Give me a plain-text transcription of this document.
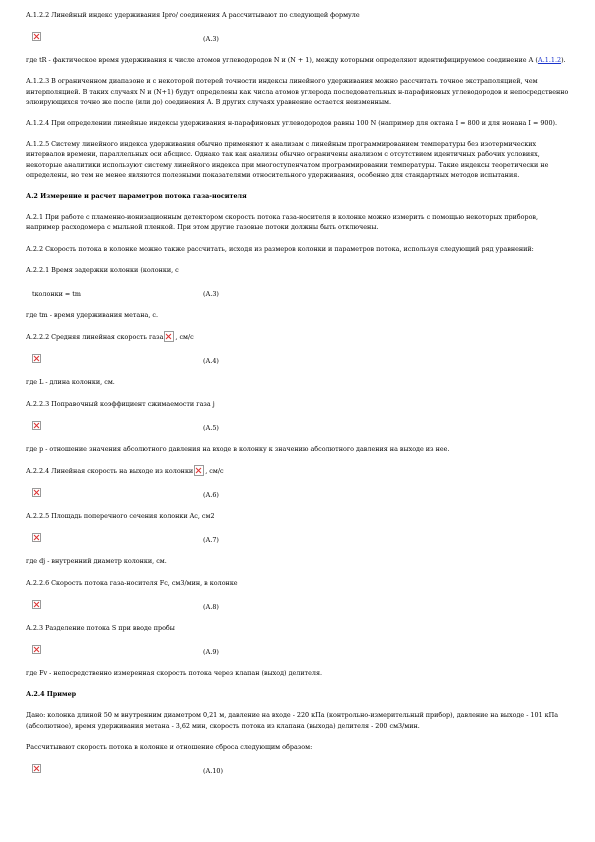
А.1.2.2 Линейный индекс удерживания Ipro/ соединения A рассчитывают по следующей формуле

(А.3)

где tR - фактическое время удерживания к числе атомов углеводородов N и (N + 1), между которыми определяют идентифицируемое соединение А (А.1.1.2).

А.1.2.3 В ограниченном диапазоне и с некоторой потерей точности индексы линейного удерживания можно рассчитать точное экстраполяцией, чем интерполяцией. В таких случаях N и (N+1) будут определены как числа атомов углерода последовательных н-парафиновых углеводородов и непосредственно элюирующихся точно же после (или до) соединения А. В других случаях уравнение остается неизменным.

А.1.2.4 При определении линейные индексы удерживания н-парафиновых углеводородов равны 100 N (например для октана I = 800 и для нонана I = 900).

А.1.2.5 Систему линейного индекса удерживания обычно применяют к анализам с линейным программированием температуры без изотермических интервалов времени, параллельных оси абсцисс. Однако так как анализы обычно ограничены анализом с отсутствием идентичных рабочих условиях, некоторые аналитики используют систему линейного индекса при многоступенчатом программировании температуры. Такие индексы теоретически не определены, но тем не менее являются полезными показателями относительного удерживания, особенно для стандартных методов испытания.

А.2 Измерение и расчет параметров потока газа-носителя

А.2.1 При работе с пламенно-ионизационным детектором скорость потока газа-носителя в колонке можно измерить с помощью некоторых приборов, например расходомера с мыльной пленкой. При этом другие газовые потоки должны быть отключены.

А.2.2 Скорость потока в колонке можно также рассчитать, исходя из размеров колонки и параметров потока, используя следующий ряд уравнений:

А.2.2.1 Время задержки колонки (колонки, с

tколонки = tm	(А.3)

где tm - время удерживания метана, с.

А.2.2.2 Средняя линейная скорость газа , см/с

(А.4)

где L - длина колонки, см.

А.2.2.3 Поправочный коэффициент сжимаемости газа j

(А.5)

где p - отношение значения абсолютного давления на входе в колонку к значению абсолютного давления на выходе из нее.

А.2.2.4 Линейная скорость на выходе из колонки , см/с

(А.6)

А.2.2.5 Площадь поперечного сечения колонки Ac, см2

(А.7)

где dj - внутренний диаметр колонки, см.

А.2.2.6 Скорость потока газа-носителя Fc, см3/мин, в колонке

(А.8)

А.2.3 Разделение потока S при вводе пробы

(А.9)

где Fv - непосредственно измеренная скорость потока через клапан (выход) делителя.

А.2.4 Пример

Дано: колонка длиной 50 м внутренним диаметром 0,21 м, давление на входе - 220 кПа (контрольно-измерительный прибор), давление на выходе - 101 кПа (абсолютное), время удерживания метана - 3,62 мин, скорость потока из клапана (выхода) делителя - 200 см3/мин.

Рассчитывают скорость потока в колонке и отношение сброса следующим образом:

(А.10)
